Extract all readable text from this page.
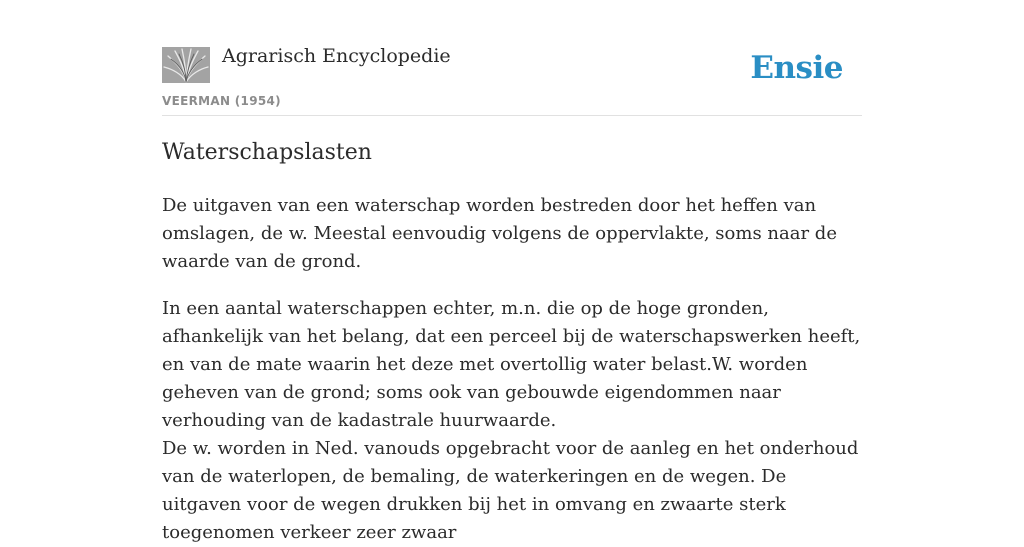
Agrarisch Encyclopedie
VEERMAN (1954)
Ensie
Waterschapslasten

De uitgaven van een waterschap worden bestreden door het heffen van omslagen, de w. Meestal eenvoudig volgens de oppervlakte, soms naar de waarde van de grond.

In een aantal waterschappen echter, m.n. die op de hoge gronden, afhankelijk van het belang, dat een perceel bij de waterschapswerken heeft, en van de mate waarin het deze met overtollig water belast.W. worden geheven van de grond; soms ook van gebouwde eigendommen naar verhouding van de kadastrale huurwaarde.

De w. worden in Ned. vanouds opgebracht voor de aanleg en het onderhoud van de waterlopen, de bemaling, de waterkeringen en de wegen. De uitgaven voor de wegen drukken bij het in omvang en zwaarte sterk toegenomen verkeer zeer zwaar
